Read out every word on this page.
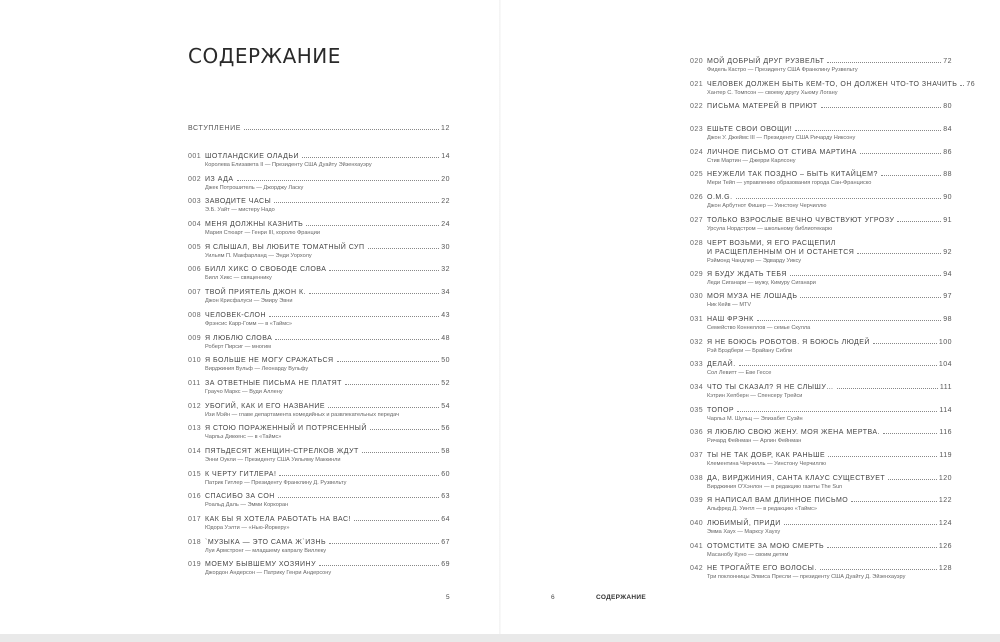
СОДЕРЖАНИЕ
ВСТУПЛЕНИЕ	12
001 ШОТЛАНДСКИЕ ОЛАДЬИ	14
Королева Елизавета II — Президенту США Дуайту Эйзенхауэру
002 ИЗ АДА	20
Джек Потрошитель — Джорджу Ласку
003 ЗАВОДИТЕ ЧАСЫ	22
Э.Б. Уайт — мистеру Надо
004 МЕНЯ ДОЛЖНЫ КАЗНИТЬ	24
Мария Стюарт — Генри III, королю Франции
005 Я СЛЫШАЛ, ВЫ ЛЮБИТЕ ТОМАТНЫЙ СУП	30
Уильям П. Макфарланд — Энди Уорхолу
006 БИЛЛ ХИКС О СВОБОДЕ СЛОВА	32
Билл Хикс — священнику
007 ТВОЙ ПРИЯТЕЛЬ ДЖОН К.	34
Джон Крисфалуси — Эмиру Эвни
008 ЧЕЛОВЕК-СЛОН	43
Фрэнсис Карр-Гомм — в «Таймс»
009 Я ЛЮБЛЮ СЛОВА	48
Роберт Пирсиг — многим
010 Я БОЛЬШЕ НЕ МОГУ СРАЖАТЬСЯ	50
Вирджиния Вульф — Леонарду Вульфу
011 ЗА ОТВЕТНЫЕ ПИСЬМА НЕ ПЛАТЯТ	52
Граучо Маркс — Вуди Аллену
012 УБОГИЙ, КАК И ЕГО НАЗВАНИЕ	54
Изи Мэйн — главе департамента комедийных и развлекательных передач
013 Я СТОЮ ПОРАЖЕННЫЙ И ПОТРЯСЕННЫЙ	56
Чарльз Диккенс — в «Таймс»
014 ПЯТЬДЕСЯТ ЖЕНЩИН-СТРЕЛКОВ ЖДУТ	58
Энни Оукли — Президенту США Уильяму Маккинли
015 К ЧЕРТУ ГИТЛЕРА!	60
Патрик Гитлер — Президенту Франклину Д. Рузвельту
016 СПАСИБО ЗА СОН	63
Роальд Даль — Эмми Коркоран
017 КАК БЫ Я ХОТЕЛА РАБОТАТЬ НА ВАС!	64
Юдора Уэлти — «Нью-Йоркеру»
018 `МУЗЫКА — ЭТО САМА Ж`ИЗНЬ	67
Луи Армстронг — младшему капралу Виллеку
019 МОЕМУ БЫВШЕМУ ХОЗЯИНУ	69
Джордон Андерсон — Патрику Генри Андерсону
5
020 МОЙ ДОБРЫЙ ДРУГ РУЗВЕЛЬТ	72
Фидель Кастро — Президенту США Франклину Рузвельту
021 ЧЕЛОВЕК ДОЛЖЕН БЫТЬ КЕМ-ТО, ОН ДОЛЖЕН ЧТО-ТО ЗНАЧИТЬ 76
Хантер С. Томпсон — своему другу Хьюму Логану
022 ПИСЬМА МАТЕРЕЙ В ПРИЮТ	80
023 ЕШЬТЕ СВОИ ОВОЩИ!	84
Джон У. Джеймс III — Президенту США Ричарду Никсону
024 ЛИЧНОЕ ПИСЬМО ОТ СТИВА МАРТИНА	86
Стив Мартин — Джерри Карлсону
025 НЕУЖЕЛИ ТАК ПОЗДНО – БЫТЬ КИТАЙЦЕМ?	88
Мери Тейп — управлению образования города Сан-Франциско
026 О.М.G.	90
Джон Арбутнот Фишер — Уинстону Черчиллю
027 ТОЛЬКО ВЗРОСЛЫЕ ВЕЧНО ЧУВСТВУЮТ УГРОЗУ	91
Урсула Нордстром — школьному библиотекарю
028 ЧЕРТ ВОЗЬМИ, Я ЕГО РАСЩЕПИЛ
И РАСЩЕПЛЕННЫМ ОН И ОСТАНЕТСЯ	92
Рэймонд Чандлер — Эдварду Уиксу
029 Я БУДУ ЖДАТЬ ТЕБЯ	94
Леди Сиганари — мужу, Кимуру Сиганари
030 МОЯ МУЗА НЕ ЛОШАДЬ	97
Ник Кейв — MTV
031 НАШ ФРЭНК	98
Семейство Коннеллов — семье Скулла
032 Я НЕ БОЮСЬ РОБОТОВ. Я БОЮСЬ ЛЮДЕЙ	100
Рэй Брэдбери — Брайану Сибли
033 ДЕЛАЙ.	104
Сол Левитт — Еве Гессе
034 ЧТО ТЫ СКАЗАЛ? Я НЕ СЛЫШУ…	111
Кэтрин Хепберн — Спенсеру Трейси
035 ТОПОР	114
Чарльз М. Шульц — Элизабет Суэйн
036 Я ЛЮБЛЮ СВОЮ ЖЕНУ. МОЯ ЖЕНА МЕРТВА.	116
Ричард Фейнман — Арлин Фейнман
037 ТЫ НЕ ТАК ДОБР, КАК РАНЬШЕ	119
Клементина Черчилль — Уинстону Черчиллю
038 ДА, ВИРДЖИНИЯ, САНТА КЛАУС СУЩЕСТВУЕТ	120
Вирджиния О'Хэнлон — в редакцию газеты The Sun
039 Я НАПИСАЛ ВАМ ДЛИННОЕ ПИСЬМО	122
Альфред Д. Уинтл — в редакцию «Таймс»
040 ЛЮБИМЫЙ, ПРИДИ	124
Эмма Хаух — Марксу Хауху
041 ОТОМСТИТЕ ЗА МОЮ СМЕРТЬ	126
Масанобу Куно — своим детям
042 НЕ ТРОГАЙТЕ ЕГО ВОЛОСЫ.	128
Три поклонницы Элвиса Пресли — президенту США Дуайту Д. Эйзенхауэру
6	СОДЕРЖАНИЕ
